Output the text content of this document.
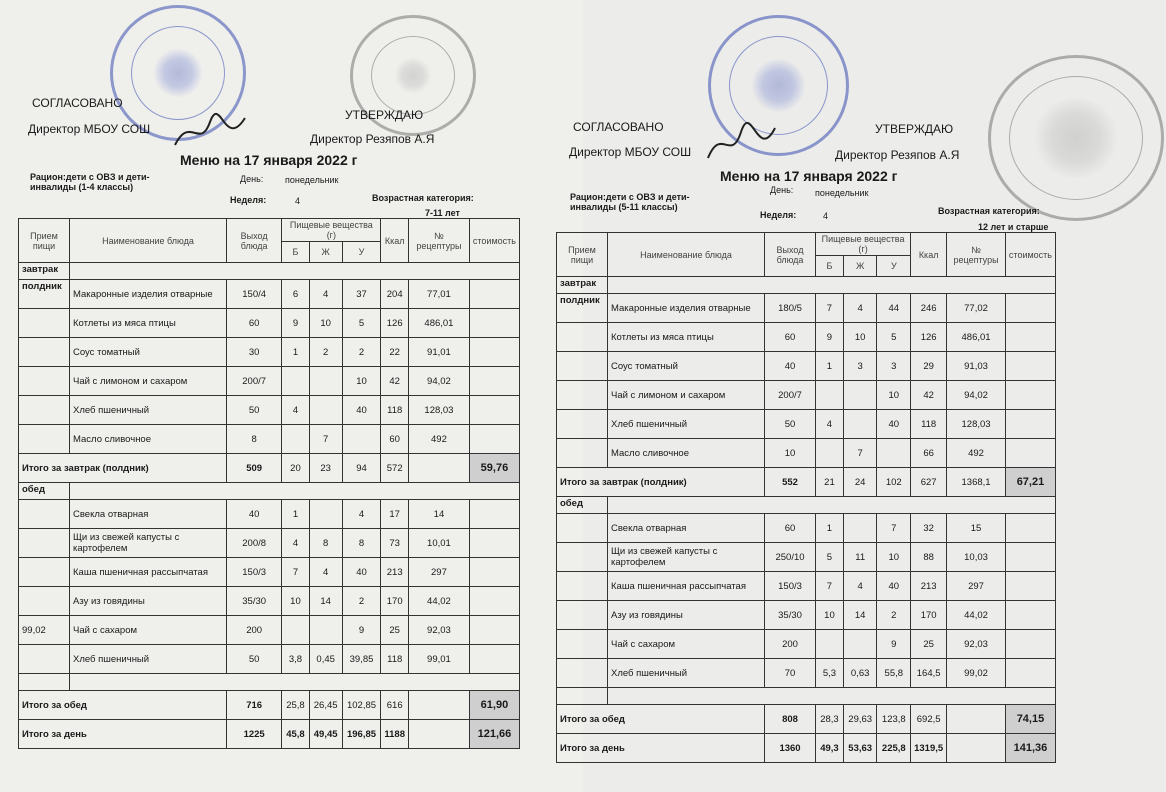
СОГЛАСОВАНО
Директор МБОУ СОШ
УТВЕРЖДАЮ
Директор Резяпов А.Я
Меню на 17 января 2022 г
Рацион:дети с ОВЗ и дети-инвалиды (1-4 классы)
День: понедельник
Неделя:	4	Возрастная категория:
7-11 лет
Прием пищи	Наименование блюда	Выход блюда	Пищевые вещества (г)			Ккал	№ рецептуры	стоимость
			Б	Ж	У			
завтрак								
полдник	Макаронные изделия отварные	150/4	6	4	37	204	77,01	
	Котлеты из мяса птицы	60	9	10	5	126	486,01	
	Соус томатный	30	1	2	2	22	91,01	
	Чай с лимоном и сахаром	200/7			10	42	94,02	
	Хлеб пшеничный	50	4		40	118	128,03	
	Масло сливочное	8		7		60	492	
Итого за завтрак (полдник)		509	20	23	94	572		59,76
обед								
	Свекла отварная	40	1		4	17	14	
	Щи из свежей капусты с картофелем	200/8	4	8	8	73	10,01	
	Каша пшеничная рассыпчатая	150/3	7	4	40	213	297	
	Азу из говядины	35/30	10	14	2	170	44,02	
99,02	Чай с сахаром	200			9	25	92,03	
	Хлеб пшеничный	50	3,8	0,45	39,85	118	99,01	

Итого за обед		716	25,8	26,45	102,85	616		61,90
Итого за день		1225	45,8	49,45	196,85	1188		121,66
СОГЛАСОВАНО
Директор МБОУ СОШ
УТВЕРЖДАЮ
Директор Резяпов А.Я
Меню на 17 января 2022 г
Рацион:дети с ОВЗ и дети-инвалиды (5-11 классы)
День: понедельник
Неделя:	4	Возрастная категория:
12 лет и старше
Прием пищи	Наименование блюда	Выход блюда	Пищевые вещества (г)			Ккал	№ рецептуры	стоимость
			Б	Ж	У			
завтрак								
полдник	Макаронные изделия отварные	180/5	7	4	44	246	77,02	
	Котлеты из мяса птицы	60	9	10	5	126	486,01	
	Соус томатный	40	1	3	3	29	91,03	
	Чай с лимоном и сахаром	200/7			10	42	94,02	
	Хлеб пшеничный	50	4		40	118	128,03	
	Масло сливочное	10		7		66	492	
Итого за завтрак (полдник)		552	21	24	102	627	1368,1	67,21
обед								
	Свекла отварная	60	1		7	32	15	
	Щи из свежей капусты с картофелем	250/10	5	11	10	88	10,03	
	Каша пшеничная рассыпчатая	150/3	7	4	40	213	297	
	Азу из говядины	35/30	10	14	2	170	44,02	
	Чай с сахаром	200			9	25	92,03	
	Хлеб пшеничный	70	5,3	0,63	55,8	164,5	99,02	

Итого за обед		808	28,3	29,63	123,8	692,5		74,15
Итого за день		1360	49,3	53,63	225,8	1319,5		141,36
